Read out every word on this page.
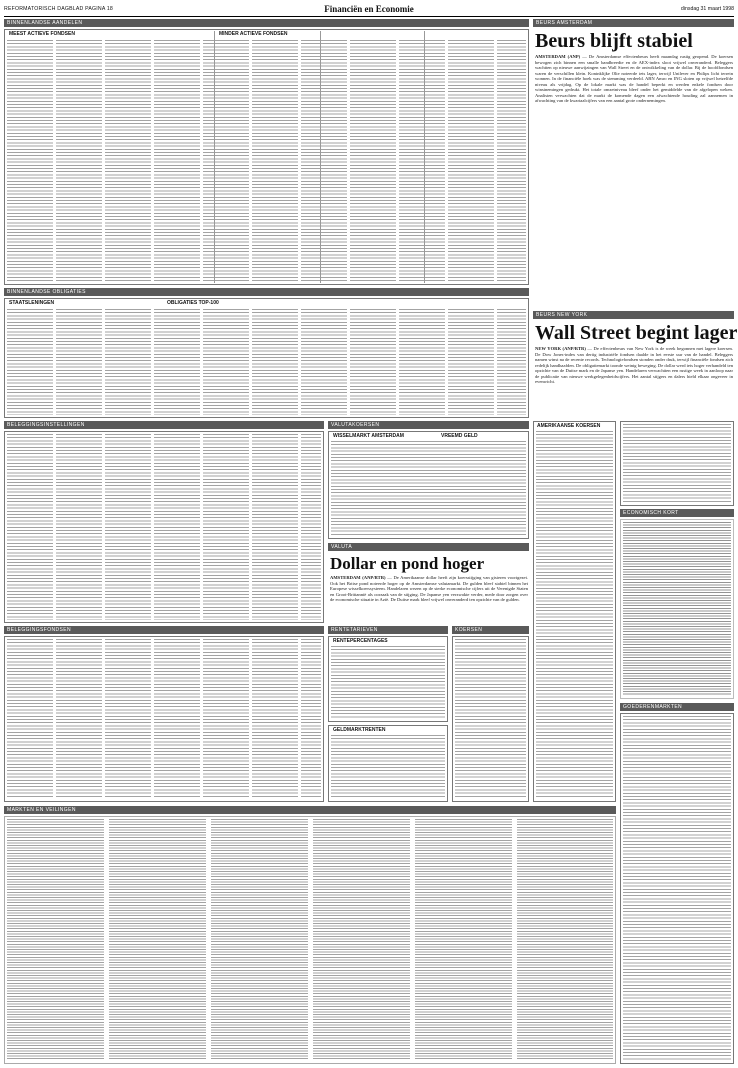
REFORMATORISCH DAGBLAD PAGINA 18	Financiën en Economie	dinsdag 31 maart 1998
BINNENLANDSE AANDELEN
MEEST ACTIEVE FONDSEN	MINDER ACTIEVE FONDSEN
BINNENLANDSE OBLIGATIES
STAATSLENINGEN	OBLIGATIES TOP-100
BELEGGINGSINSTELLINGEN
BELEGGINGSFONDSEN
VALUTAKOERSEN
WISSELMARKT AMSTERDAM	VREEMD GELD
VALUTA
Dollar en pond hoger
AMSTERDAM (ANP/RTR) — De Amerikaanse dollar heeft zijn koersstijging van gisteren voortgezet. Ook het Britse pond noteerde hoger op de Amsterdamse valutamarkt. De gulden bleef stabiel binnen het Europese wisselkoerssysteem. Handelaren wezen op de sterke economische cijfers uit de Verenigde Staten en Groot-Brittannië als oorzaak van de stijging. De Japanse yen verzwakte verder, mede door zorgen over de economische situatie in Azië. De Duitse mark bleef vrijwel onveranderd ten opzichte van de gulden.
RENTETARIEVEN
RENTEPERCENTAGES
GELDMARKTRENTEN
KOERSEN
MARKTEN EN VEILINGEN
BEURS AMSTERDAM
Beurs blijft stabiel
AMSTERDAM (ANP) — De Amsterdamse effectenbeurs heeft maandag rustig geopend. De koersen bewogen zich binnen een smalle bandbreedte en de AEX-index sloot vrijwel onveranderd. Beleggers wachtten op nieuwe aanwijzingen van Wall Street en de ontwikkeling van de dollar. Bij de hoofdfondsen waren de verschillen klein. Koninklijke Olie noteerde iets lager, terwijl Unilever en Philips licht terrein wonnen. In de financiële hoek was de stemming verdeeld. ABN Amro en ING sloten op vrijwel hetzelfde niveau als vrijdag. Op de lokale markt was de handel beperkt en werden enkele fondsen door winstnemingen gedrukt. Het totale omzetniveau bleef onder het gemiddelde van de afgelopen weken. Analisten verwachten dat de markt de komende dagen een afwachtende houding zal aannemen in afwachting van de kwartaalcijfers van een aantal grote ondernemingen.
BEURS NEW YORK
Wall Street begint lager
NEW YORK (ANP/RTR) — De effectenbeurs van New York is de week begonnen met lagere koersen. De Dow Jones-index van dertig industriële fondsen daalde in het eerste uur van de handel. Beleggers namen winst na de recente records. Technologiefondsen stonden onder druk, terwijl financiële fondsen zich redelijk handhaafden. De obligatiemarkt toonde weinig beweging. De dollar werd iets hoger verhandeld ten opzichte van de Duitse mark en de Japanse yen. Handelaren verwachtten een rustige week in aanloop naar de publicatie van nieuwe werkgelegenheidscijfers. Het aantal stijgers en dalers hield elkaar ongeveer in evenwicht.
AMERIKAANSE KOERSEN
ECONOMISCH KORT
GOEDERENMARKTEN
